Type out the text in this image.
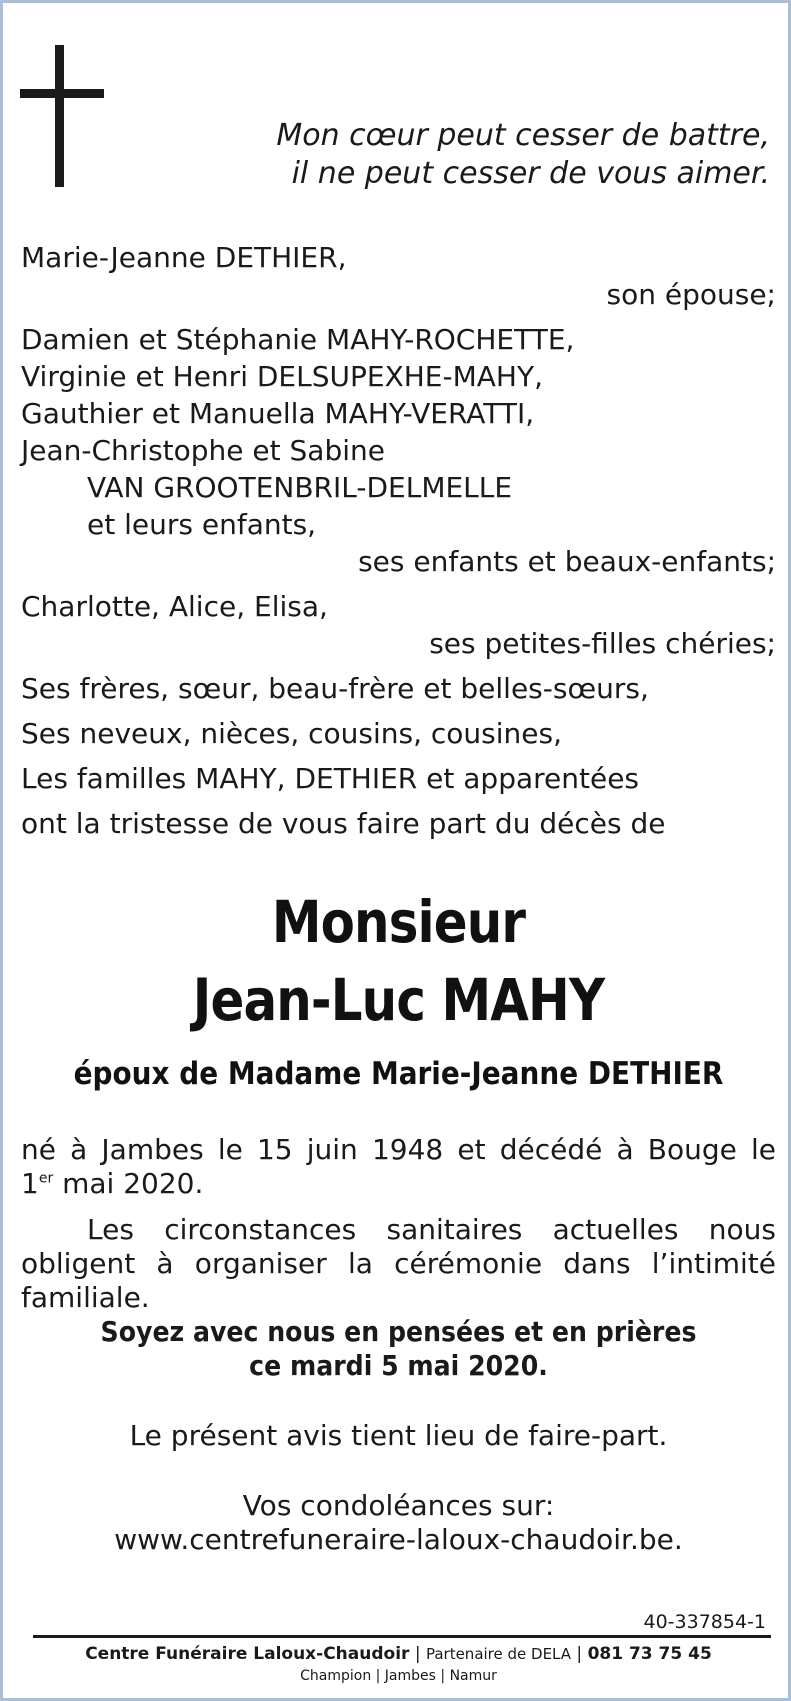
Mon cœur peut cesser de battre,
il ne peut cesser de vous aimer.
Marie-Jeanne DETHIER,
son épouse;
Damien et Stéphanie MAHY-ROCHETTE,
Virginie et Henri DELSUPEXHE-MAHY,
Gauthier et Manuella MAHY-VERATTI,
Jean-Christophe et Sabine
VAN GROOTENBRIL-DELMELLE
et leurs enfants,
ses enfants et beaux-enfants;
Charlotte, Alice, Elisa,
ses petites-filles chéries;
Ses frères, sœur, beau-frère et belles-sœurs,
Ses neveux, nièces, cousins, cousines,
Les familles MAHY, DETHIER et apparentées
ont la tristesse de vous faire part du décès de
Monsieur
Jean-Luc MAHY
époux de Madame Marie-Jeanne DETHIER
né à Jambes le 15 juin 1948 et décédé à Bouge le
1er mai 2020.
Les circonstances sanitaires actuelles nous
obligent à organiser la cérémonie dans l’intimité
familiale.
Soyez avec nous en pensées et en prières
ce mardi 5 mai 2020.
Le présent avis tient lieu de faire-part.
Vos condoléances sur:
www.centrefuneraire-laloux-chaudoir.be.
40-337854-1
Centre Funéraire Laloux-Chaudoir | Partenaire de DELA | 081 73 75 45
Champion | Jambes | Namur
